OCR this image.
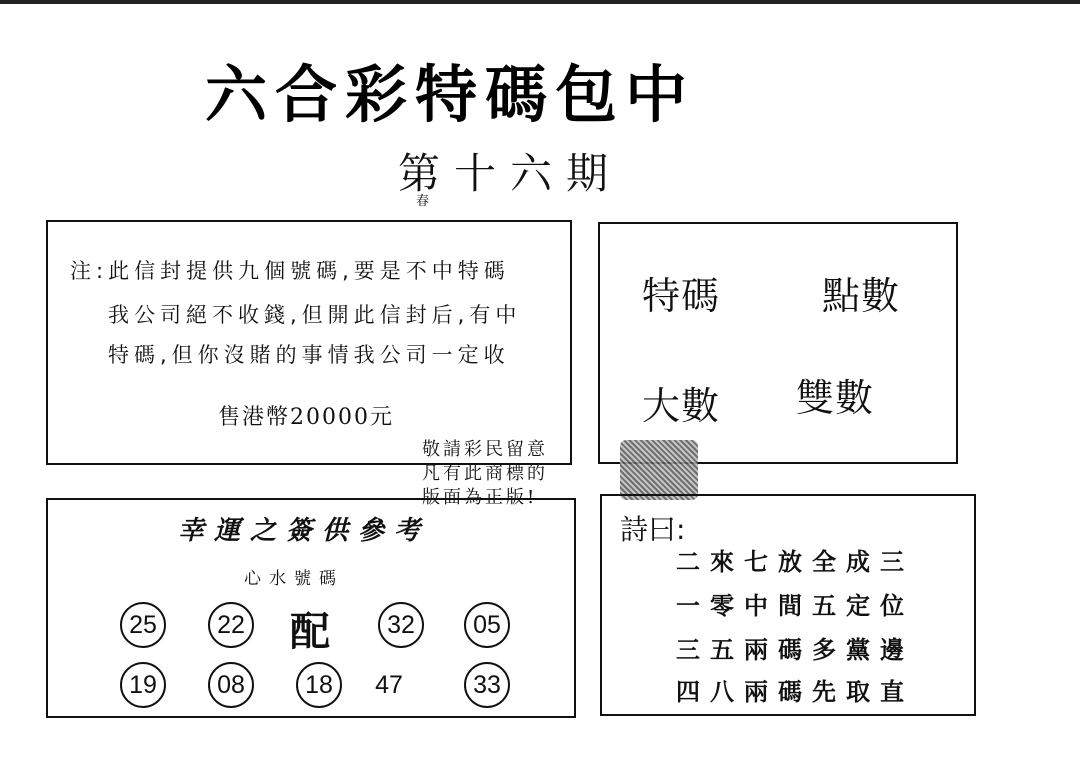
六合彩特碼包中
第十六期
春
注:此信封提供九個號碼,要是不中特碼
我公司絕不收錢,但開此信封后,有中
特碼,但你沒賭的事情我公司一定收
售港幣20000元
特碼	點數
大數 雙數
敬請彩民留意
凡有此商標的
版面為正版!
幸運之簽供參考
心水號碼
25	22 配	32	05
19	08	18	47	33
詩曰:
二來七放全成三
一零中間五定位
三五兩碼多黨邊
四八兩碼先取直
